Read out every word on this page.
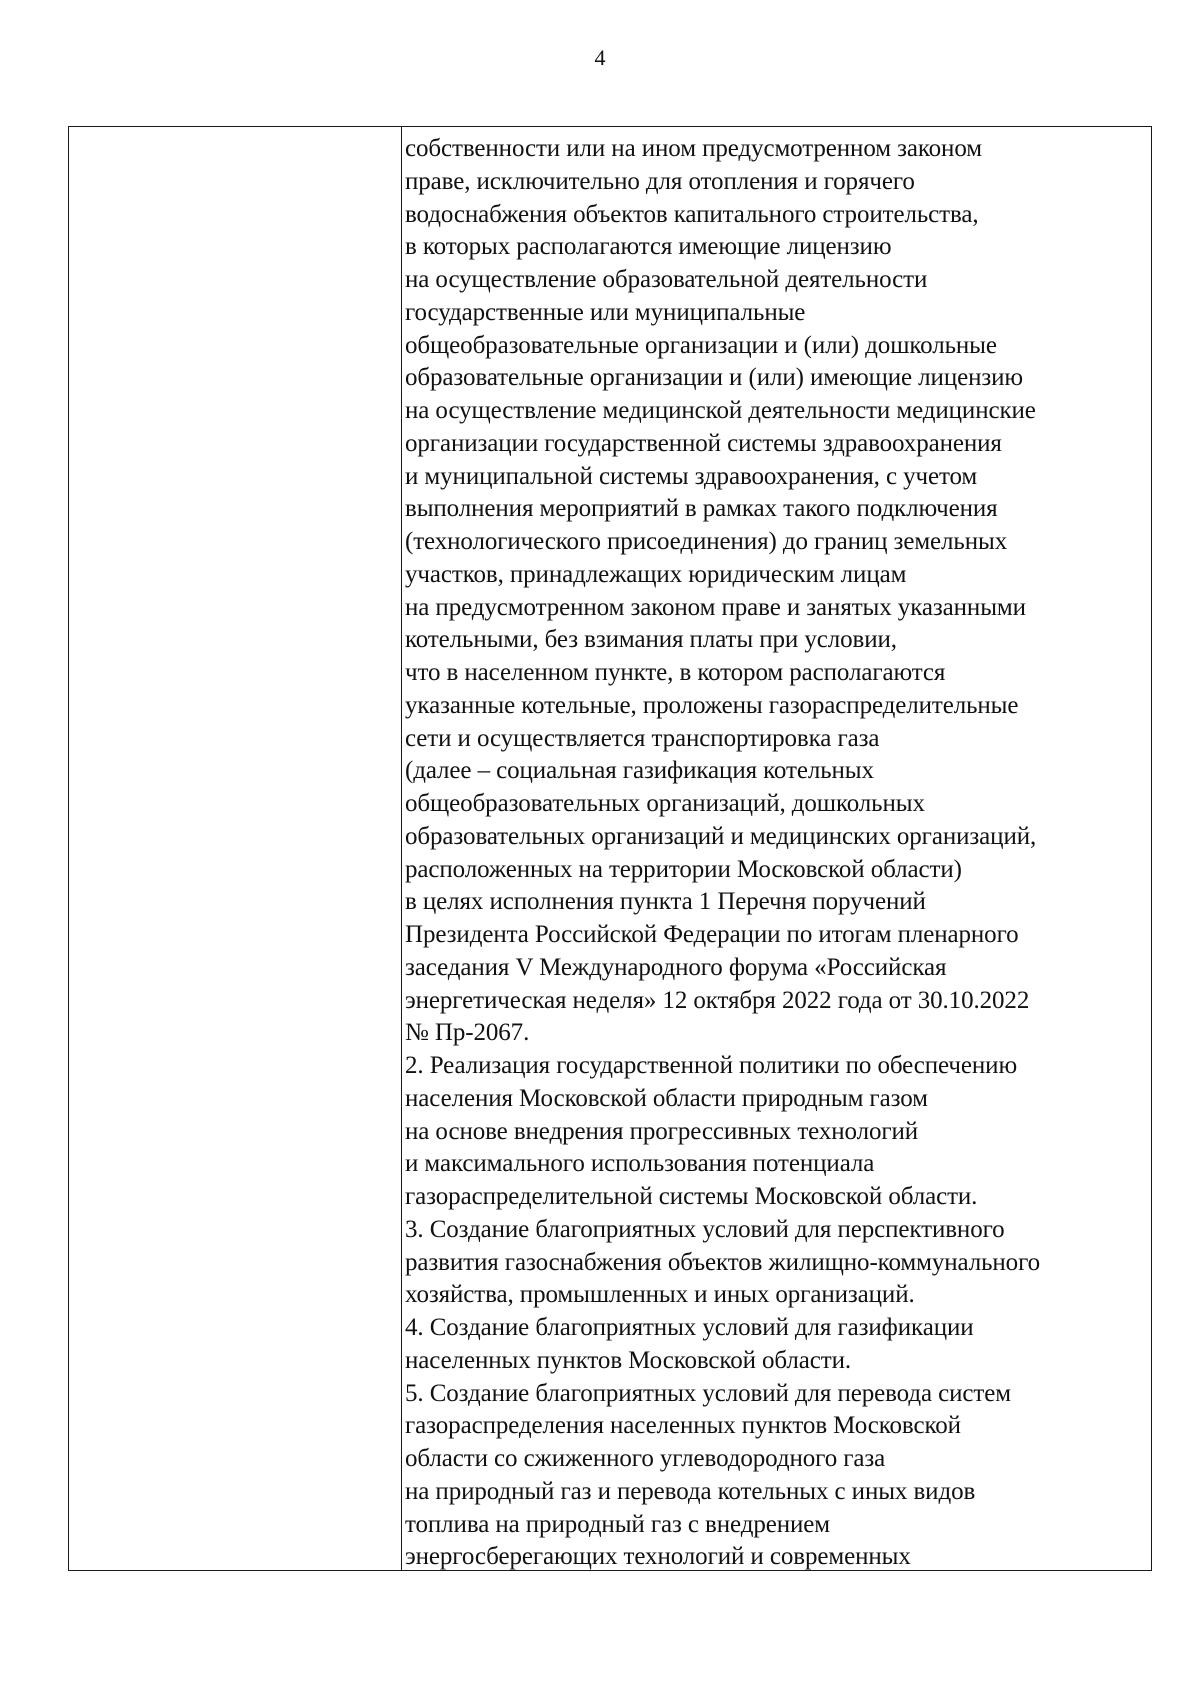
4
собственности или на ином предусмотренном законом
праве, исключительно для отопления и горячего
водоснабжения объектов капитального строительства,
в которых располагаются имеющие лицензию
на осуществление образовательной деятельности
государственные или муниципальные
общеобразовательные организации и (или) дошкольные
образовательные организации и (или) имеющие лицензию
на осуществление медицинской деятельности медицинские
организации государственной системы здравоохранения
и муниципальной системы здравоохранения, с учетом
выполнения мероприятий в рамках такого подключения
(технологического присоединения) до границ земельных
участков, принадлежащих юридическим лицам
на предусмотренном законом праве и занятых указанными
котельными, без взимания платы при условии,
что в населенном пункте, в котором располагаются
указанные котельные, проложены газораспределительные
сети и осуществляется транспортировка газа
(далее – социальная газификация котельных
общеобразовательных организаций, дошкольных
образовательных организаций и медицинских организаций,
расположенных на территории Московской области)
в целях исполнения пункта 1 Перечня поручений
Президента Российской Федерации по итогам пленарного
заседания V Международного форума «Российская
энергетическая неделя» 12 октября 2022 года от 30.10.2022
№ Пр-2067.
2. Реализация государственной политики по обеспечению
населения Московской области природным газом
на основе внедрения прогрессивных технологий
и максимального использования потенциала
газораспределительной системы Московской области.
3. Создание благоприятных условий для перспективного
развития газоснабжения объектов жилищно-коммунального
хозяйства, промышленных и иных организаций.
4. Создание благоприятных условий для газификации
населенных пунктов Московской области.
5. Создание благоприятных условий для перевода систем
газораспределения населенных пунктов Московской
области со сжиженного углеводородного газа
на природный газ и перевода котельных с иных видов
топлива на природный газ с внедрением
энергосберегающих технологий и современных
